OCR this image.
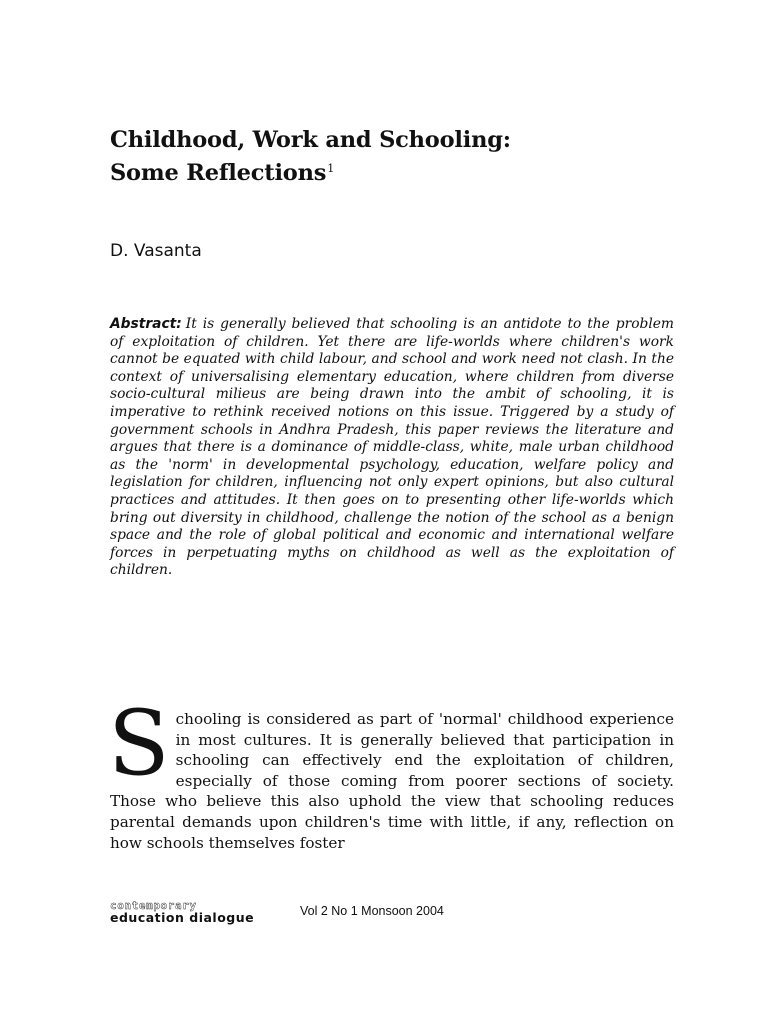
Childhood, Work and Schooling:
Some Reflections$^1$
D. Vasanta

Abstract: It is generally believed that schooling is an antidote to the problem of exploitation of children. Yet there are life-worlds where children's work cannot be equated with child labour, and school and work need not clash. In the context of universalising elementary education, where children from diverse socio-cultural milieus are being drawn into the ambit of schooling, it is imperative to rethink received notions on this issue. Triggered by a study of government schools in Andhra Pradesh, this paper reviews the literature and argues that there is a dominance of middle-class, white, male urban childhood as the 'norm' in developmental psychology, education, welfare policy and legislation for children, influencing not only expert opinions, but also cultural practices and attitudes. It then goes on to presenting other life-worlds which bring out diversity in childhood, challenge the notion of the school as a benign space and the role of global political and economic and international welfare forces in perpetuating myths on childhood as well as the exploitation of children.

Schooling is considered as part of 'normal' childhood experience in most cultures. It is generally believed that participation in schooling can effectively end the exploitation of children, especially of those coming from poorer sections of society. Those who believe this also uphold the view that schooling reduces parental demands upon children's time with little, if any, reflection on how schools themselves foster

contemporary
education dialogue	Vol 2 No 1 Monsoon 2004
